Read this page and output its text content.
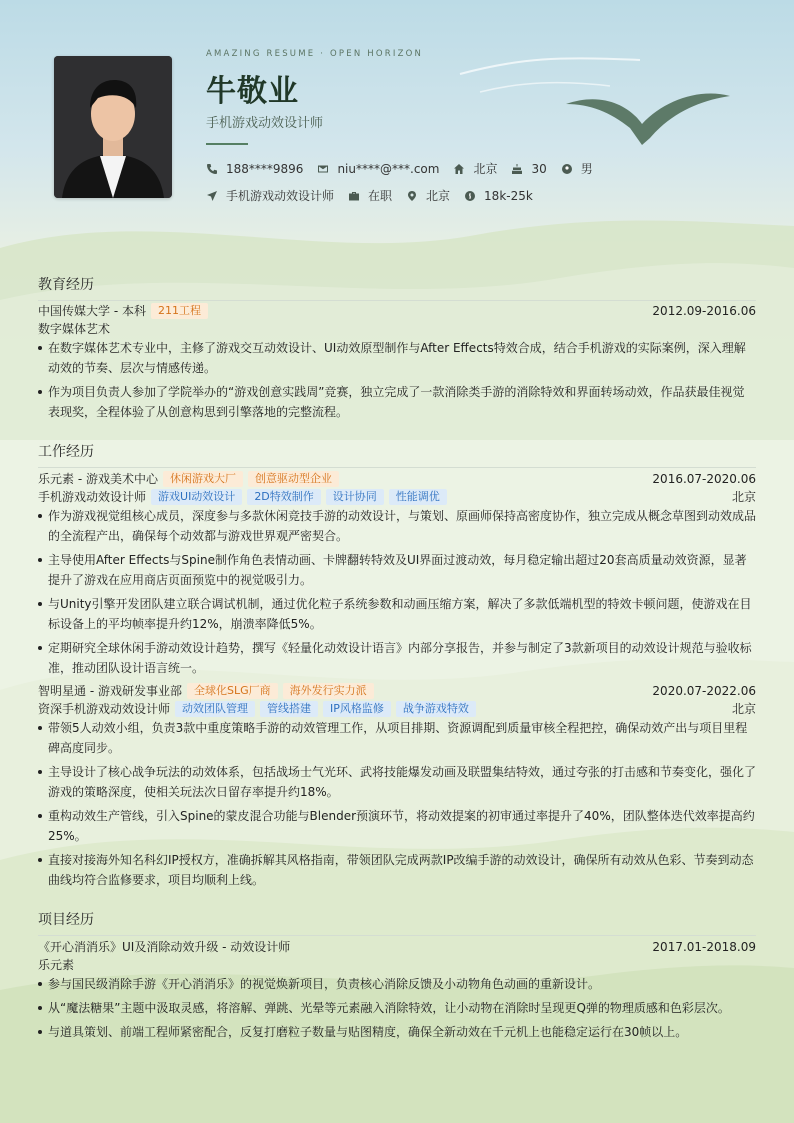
AMAZING RESUME · OPEN HORIZON
牛敬业
手机游戏动效设计师
188****9896	niu****@***.com	北京	30	男
手机游戏动效设计师	在职	北京	18k-25k
教育经历
中国传媒大学 - 本科	211工程	2012.09-2016.06
数字媒体艺术
在数字媒体艺术专业中，主修了游戏交互动效设计、UI动效原型制作与After Effects特效合成，结合手机游戏的实际案例，深入理解动效的节奏、层次与情感传递。
作为项目负责人参加了学院举办的“游戏创意实践周”竞赛，独立完成了一款消除类手游的消除特效和界面转场动效，作品获最佳视觉表现奖，全程体验了从创意构思到引擎落地的完整流程。
工作经历
乐元素 - 游戏美术中心	休闲游戏大厂	创意驱动型企业	2016.07-2020.06
手机游戏动效设计师	游戏UI动效设计	2D特效制作	设计协同	性能调优	北京
作为游戏视觉组核心成员，深度参与多款休闲竞技手游的动效设计，与策划、原画师保持高密度协作，独立完成从概念草图到动效成品的全流程产出，确保每个动效都与游戏世界观严密契合。
主导使用After Effects与Spine制作角色表情动画、卡牌翻转特效及UI界面过渡动效，每月稳定输出超过20套高质量动效资源，显著提升了游戏在应用商店页面预览中的视觉吸引力。
与Unity引擎开发团队建立联合调试机制，通过优化粒子系统参数和动画压缩方案，解决了多款低端机型的特效卡顿问题，使游戏在目标设备上的平均帧率提升约12%，崩溃率降低5%。
定期研究全球休闲手游动效设计趋势，撰写《轻量化动效设计语言》内部分享报告，并参与制定了3款新项目的动效设计规范与验收标准，推动团队设计语言统一。
智明星通 - 游戏研发事业部	全球化SLG厂商	海外发行实力派	2020.07-2022.06
资深手机游戏动效设计师	动效团队管理	管线搭建	IP风格监修	战争游戏特效	北京
带领5人动效小组，负责3款中重度策略手游的动效管理工作，从项目排期、资源调配到质量审核全程把控，确保动效产出与项目里程碑高度同步。
主导设计了核心战争玩法的动效体系，包括战场士气光环、武将技能爆发动画及联盟集结特效，通过夸张的打击感和节奏变化，强化了游戏的策略深度，使相关玩法次日留存率提升约18%。
重构动效生产管线，引入Spine的蒙皮混合功能与Blender预演环节，将动效提案的初审通过率提升了40%，团队整体迭代效率提高约25%。
直接对接海外知名科幻IP授权方，准确拆解其风格指南，带领团队完成两款IP改编手游的动效设计，确保所有动效从色彩、节奏到动态曲线均符合监修要求，项目均顺利上线。
项目经历
《开心消消乐》UI及消除动效升级 - 动效设计师	2017.01-2018.09
乐元素
参与国民级消除手游《开心消消乐》的视觉焕新项目，负责核心消除反馈及小动物角色动画的重新设计。
从“魔法糖果”主题中汲取灵感，将溶解、弹跳、光晕等元素融入消除特效，让小动物在消除时呈现更Q弹的物理质感和色彩层次。
与道具策划、前端工程师紧密配合，反复打磨粒子数量与贴图精度，确保全新动效在千元机上也能稳定运行在30帧以上。
